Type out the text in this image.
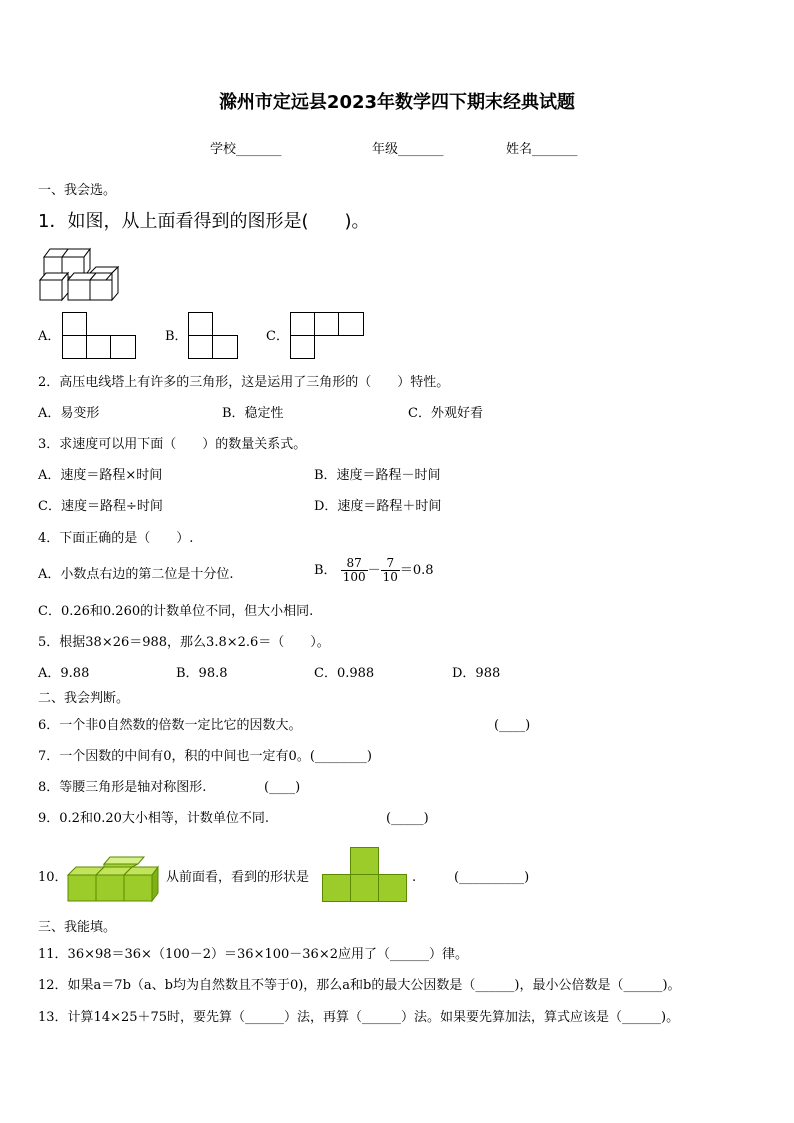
滁州市定远县2023年数学四下期末经典试题
学校_______	年级_______	姓名_______
一、我会选。
1．如图，从上面看得到的图形是(　　)。
A．	B．	C．
2．高压电线塔上有许多的三角形，这是运用了三角形的（　　）特性。
A．易变形	B．稳定性	C．外观好看
3．求速度可以用下面（　　）的数量关系式。
A．速度＝路程×时间	B．速度＝路程－时间
C．速度＝路程÷时间	D．速度＝路程＋时间
4．下面正确的是（　　）.
A．小数点右边的第二位是十分位.	B． $\frac{87}{100} - \frac{7}{10} =0.8$
C．0.26和0.260的计数单位不同，但大小相同.
5．根据38×26＝988，那么3.8×2.6＝（　　）。
A．9.88	B．98.8	C．0.988	D．988
二、我会判断。
6．一个非0自然数的倍数一定比它的因数大。	(____)
7．一个因数的中间有0，积的中间也一定有0。(________)
8．等腰三角形是轴对称图形.	(____)
9．0.2和0.20大小相等，计数单位不同.	(_____)
10．	从前面看，看到的形状是	.	(__________)
三、我能填。
11．36×98＝36×（100－2）＝36×100－36×2应用了（______）律。
12．如果a＝7b（a、b均为自然数且不等于0)，那么a和b的最大公因数是（______)，最小公倍数是（______)。
13．计算14×25＋75时，要先算（______）法，再算（______）法。如果要先算加法，算式应该是（______)。
